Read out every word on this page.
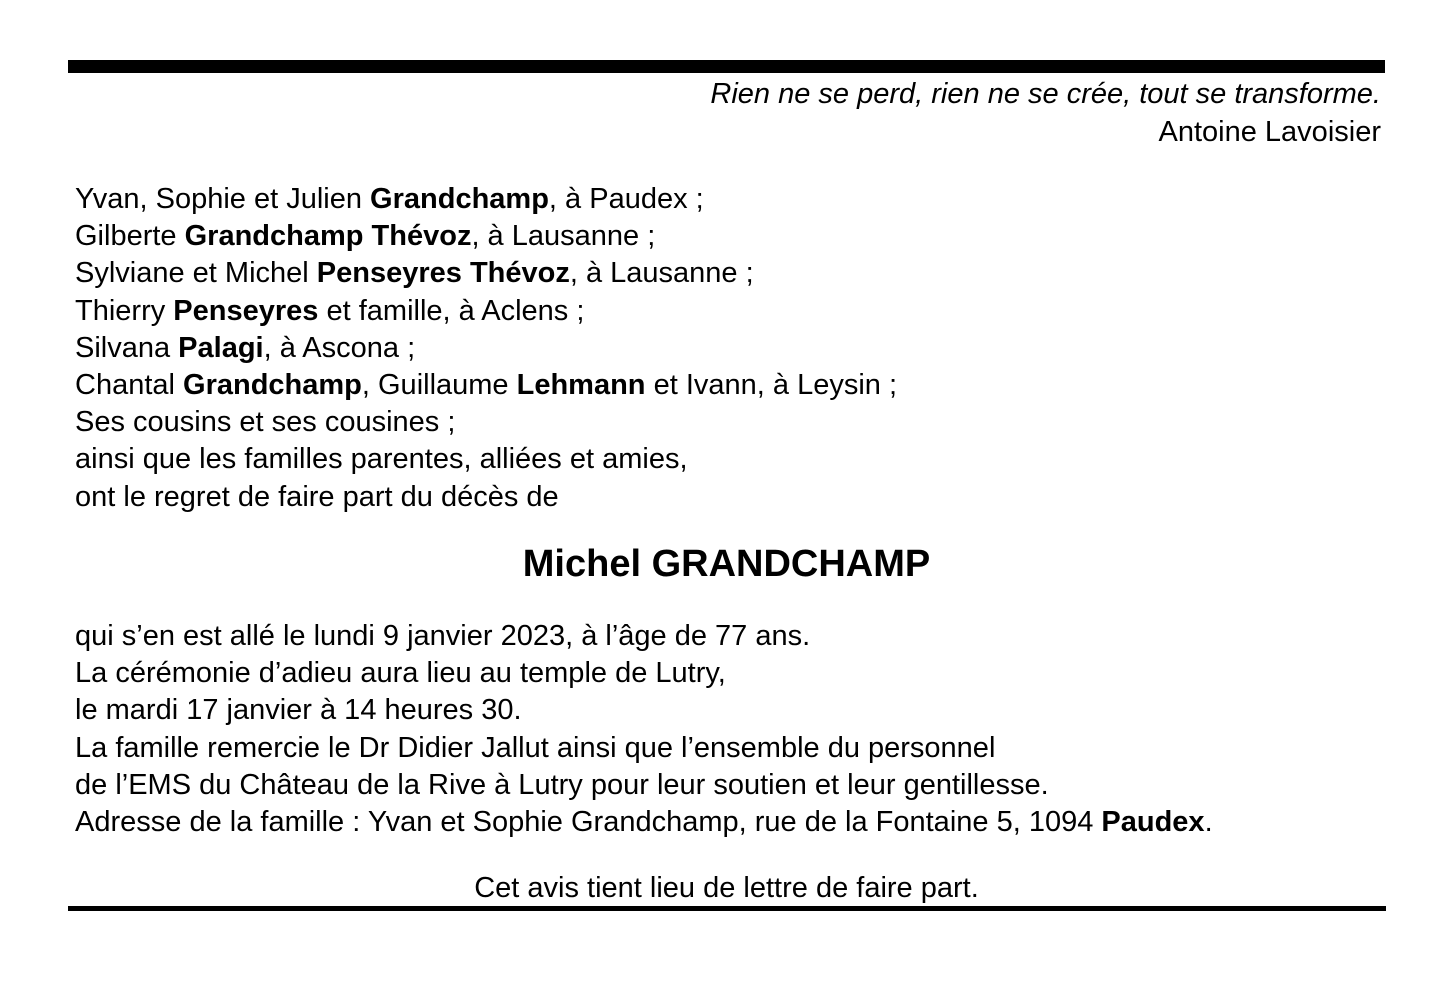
Rien ne se perd, rien ne se crée, tout se transforme.
Antoine Lavoisier
Yvan, Sophie et Julien Grandchamp, à Paudex ;
Gilberte Grandchamp Thévoz, à Lausanne ;
Sylviane et Michel Penseyres Thévoz, à Lausanne ;
Thierry Penseyres et famille, à Aclens ;
Silvana Palagi, à Ascona ;
Chantal Grandchamp, Guillaume Lehmann et Ivann, à Leysin ;
Ses cousins et ses cousines ;
ainsi que les familles parentes, alliées et amies,
ont le regret de faire part du décès de
Michel GRANDCHAMP
qui s’en est allé le lundi 9 janvier 2023, à l’âge de 77 ans.
La cérémonie d’adieu aura lieu au temple de Lutry,
le mardi 17 janvier à 14 heures 30.
La famille remercie le Dr Didier Jallut ainsi que l’ensemble du personnel
de l’EMS du Château de la Rive à Lutry pour leur soutien et leur gentillesse.
Adresse de la famille : Yvan et Sophie Grandchamp, rue de la Fontaine 5, 1094 Paudex.
Cet avis tient lieu de lettre de faire part.
